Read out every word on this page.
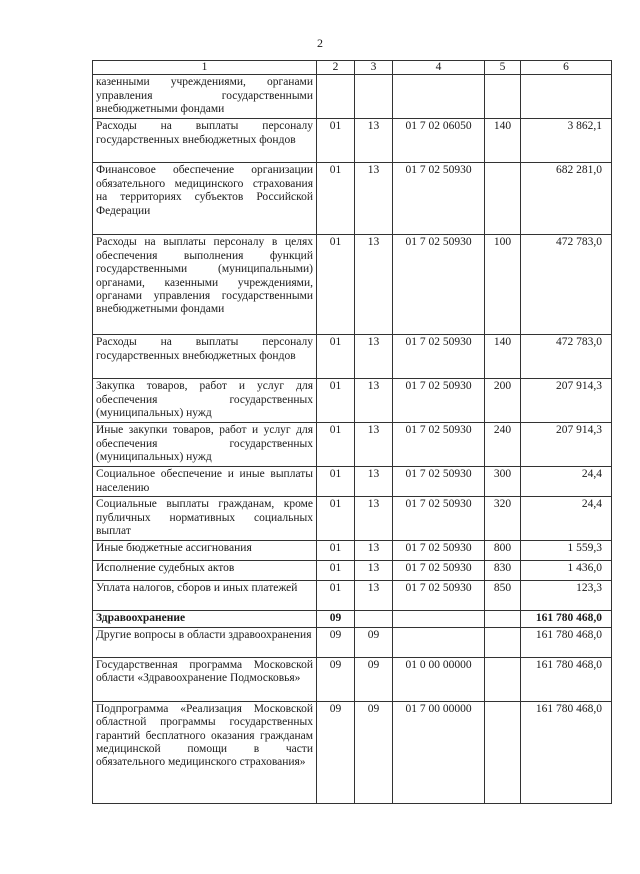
2
1	2	3	4	5	6
казенными учреждениями, органами управления государственными внебюджетными фондами					
Расходы на выплаты персоналу государственных внебюджетных фондов	01	13	01 7 02 06050	140	3 862,1
Финансовое обеспечение организации обязательного медицинского страхования на территориях субъектов Российской Федерации	01	13	01 7 02 50930		682 281,0
Расходы на выплаты персоналу в целях обеспечения выполнения функций государственными (муниципальными) органами, казенными учреждениями, органами управления государственными внебюджетными фондами	01	13	01 7 02 50930	100	472 783,0
Расходы на выплаты персоналу государственных внебюджетных фондов	01	13	01 7 02 50930	140	472 783,0
Закупка товаров, работ и услуг для обеспечения государственных (муниципальных) нужд	01	13	01 7 02 50930	200	207 914,3
Иные закупки товаров, работ и услуг для обеспечения государственных (муниципальных) нужд	01	13	01 7 02 50930	240	207 914,3
Социальное обеспечение и иные выплаты населению	01	13	01 7 02 50930	300	24,4
Социальные выплаты гражданам, кроме публичных нормативных социальных выплат	01	13	01 7 02 50930	320	24,4
Иные бюджетные ассигнования	01	13	01 7 02 50930	800	1 559,3
Исполнение судебных актов	01	13	01 7 02 50930	830	1 436,0
Уплата налогов, сборов и иных платежей	01	13	01 7 02 50930	850	123,3
Здравоохранение	09				161 780 468,0
Другие вопросы в области здравоохранения	09	09			161 780 468,0
Государственная программа Московской области «Здравоохранение Подмосковья»	09	09	01 0 00 00000		161 780 468,0
Подпрограмма «Реализация Московской областной программы государственных гарантий бесплатного оказания гражданам медицинской помощи в части обязательного медицинского страхования»	09	09	01 7 00 00000		161 780 468,0
